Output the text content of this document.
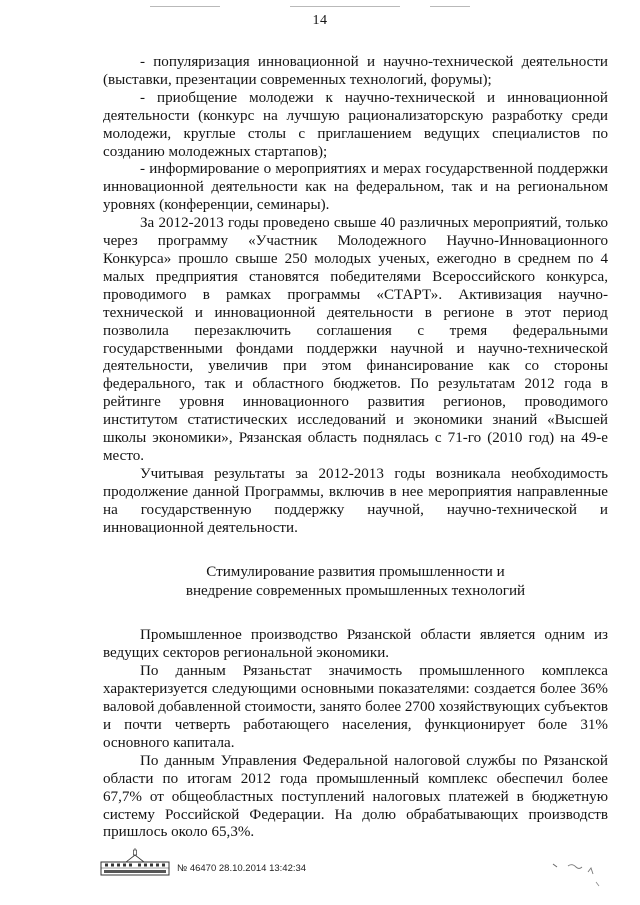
14

- популяризация инновационной и научно-технической деятельности (выставки, презентации современных технологий, форумы);

- приобщение молодежи к научно-технической и инновационной деятельности (конкурс на лучшую рационализаторскую разработку среди молодежи, круглые столы с приглашением ведущих специалистов по созданию молодежных стартапов);

- информирование о мероприятиях и мерах государственной поддержки инновационной деятельности как на федеральном, так и на региональном уровнях (конференции, семинары).

За 2012-2013 годы проведено свыше 40 различных мероприятий, только через программу «Участник Молодежного Научно-Инновационного Конкурса» прошло свыше 250 молодых ученых, ежегодно в среднем по 4 малых предприятия становятся победителями Всероссийского конкурса, проводимого в рамках программы «СТАРТ». Активизация научно-технической и инновационной деятельности в регионе в этот период позволила перезаключить соглашения с тремя федеральными государственными фондами поддержки научной и научно-технической деятельности, увеличив при этом финансирование как со стороны федерального, так и областного бюджетов. По результатам 2012 года в рейтинге уровня инновационного развития регионов, проводимого институтом статистических исследований и экономики знаний «Высшей школы экономики», Рязанская область поднялась с 71-го (2010 год) на 49-е место.

Учитывая результаты за 2012-2013 годы возникала необходимость продолжение данной Программы, включив в нее мероприятия направленные на государственную поддержку научной, научно-технической и инновационной деятельности.

Стимулирование развития промышленности и
внедрение современных промышленных технологий

Промышленное производство Рязанской области является одним из ведущих секторов региональной экономики.

По данным Рязаньстат значимость промышленного комплекса характеризуется следующими основными показателями: создается более 36% валовой добавленной стоимости, занято более 2700 хозяйствующих субъектов и почти четверть работающего населения, функционирует боле 31% основного капитала.

По данным Управления Федеральной налоговой службы по Рязанской области по итогам 2012 года промышленный комплекс обеспечил более 67,7% от общеобластных поступлений налоговых платежей в бюджетную систему Российской Федерации. На долю обрабатывающих производств пришлось около 65,3%.

№ 46470 28.10.2014 13:42:34
